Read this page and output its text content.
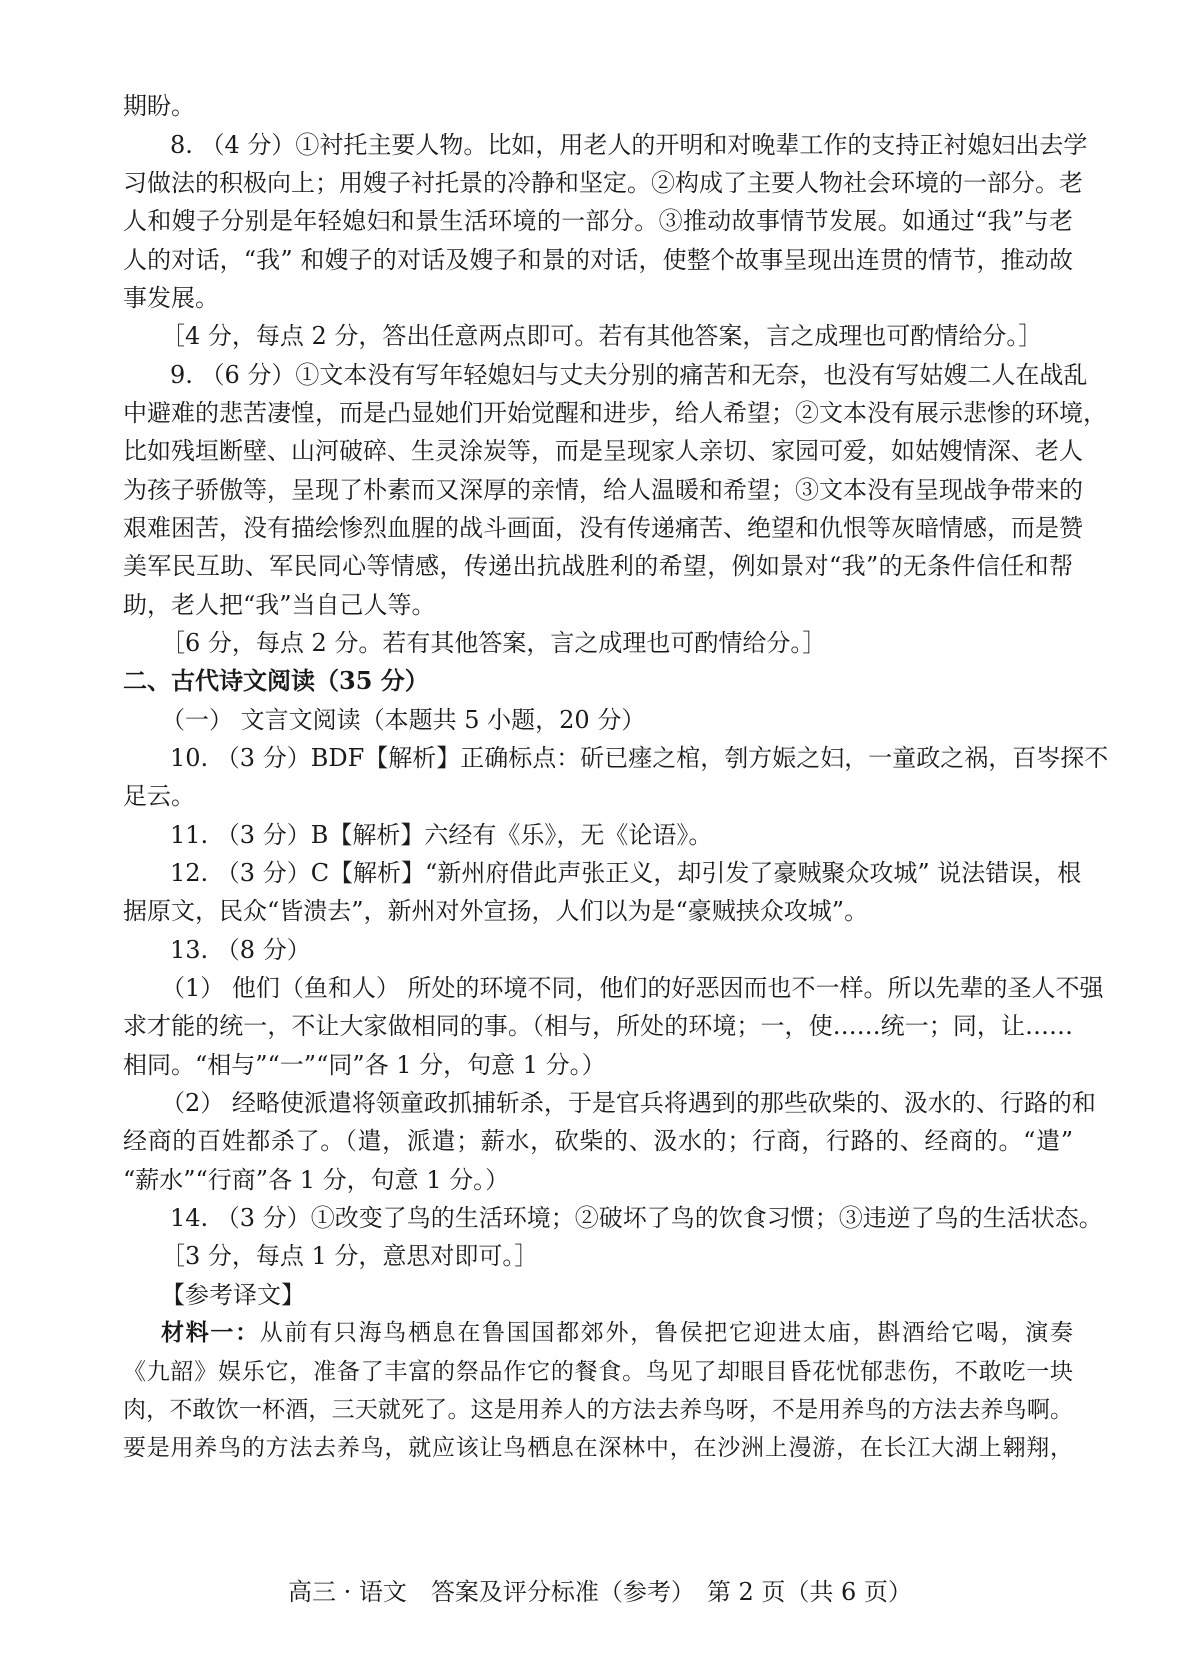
期盼。
8. （4 分）①衬托主要人物。比如，用老人的开明和对晚辈工作的支持正衬媳妇出去学
习做法的积极向上；用嫂子衬托景的冷静和坚定。②构成了主要人物社会环境的一部分。老
人和嫂子分别是年轻媳妇和景生活环境的一部分。③推动故事情节发展。如通过“我”与老
人的对话，“我” 和嫂子的对话及嫂子和景的对话，使整个故事呈现出连贯的情节，推动故
事发展。
［4 分，每点 2 分，答出任意两点即可。若有其他答案，言之成理也可酌情给分。］
9. （6 分）①文本没有写年轻媳妇与丈夫分别的痛苦和无奈，也没有写姑嫂二人在战乱
中避难的悲苦凄惶，而是凸显她们开始觉醒和进步，给人希望；②文本没有展示悲惨的环境，
比如残垣断壁、山河破碎、生灵涂炭等，而是呈现家人亲切、家园可爱，如姑嫂情深、老人
为孩子骄傲等，呈现了朴素而又深厚的亲情，给人温暖和希望；③文本没有呈现战争带来的
艰难困苦，没有描绘惨烈血腥的战斗画面，没有传递痛苦、绝望和仇恨等灰暗情感，而是赞
美军民互助、军民同心等情感，传递出抗战胜利的希望，例如景对“我”的无条件信任和帮
助，老人把“我”当自己人等。
［6 分，每点 2 分。若有其他答案，言之成理也可酌情给分。］
二、古代诗文阅读（35 分）
（一） 文言文阅读（本题共 5 小题，20 分）
10. （3 分）BDF【解析】正确标点：斫已瘗之棺，刳方娠之妇，一童政之祸，百岑探不
足云。
11. （3 分）B【解析】六经有《乐》，无《论语》。
12. （3 分）C【解析】“新州府借此声张正义，却引发了豪贼聚众攻城” 说法错误，根
据原文，民众“皆溃去”，新州对外宣扬，人们以为是“豪贼挟众攻城”。
13. （8 分）
（1） 他们（鱼和人） 所处的环境不同，他们的好恶因而也不一样。所以先辈的圣人不强
求才能的统一，不让大家做相同的事。（相与，所处的环境；一，使……统一；同，让……
相同。“相与”“一”“同”各 1 分，句意 1 分。）
（2） 经略使派遣将领童政抓捕斩杀，于是官兵将遇到的那些砍柴的、汲水的、行路的和
经商的百姓都杀了。（遣，派遣；薪水，砍柴的、汲水的；行商，行路的、经商的。“遣”
“薪水”“行商”各 1 分，句意 1 分。）
14. （3 分）①改变了鸟的生活环境；②破坏了鸟的饮食习惯；③违逆了鸟的生活状态。
［3 分，每点 1 分，意思对即可。］
【参考译文】
材料一：从前有只海鸟栖息在鲁国国都郊外，鲁侯把它迎进太庙，斟酒给它喝，演奏
《九韶》娱乐它，准备了丰富的祭品作它的餐食。鸟见了却眼目昏花忧郁悲伤，不敢吃一块
肉，不敢饮一杯酒，三天就死了。这是用养人的方法去养鸟呀，不是用养鸟的方法去养鸟啊。
要是用养鸟的方法去养鸟，就应该让鸟栖息在深林中，在沙洲上漫游，在长江大湖上翱翔，
高三 · 语文　答案及评分标准（参考）　第 2 页（共 6 页）
